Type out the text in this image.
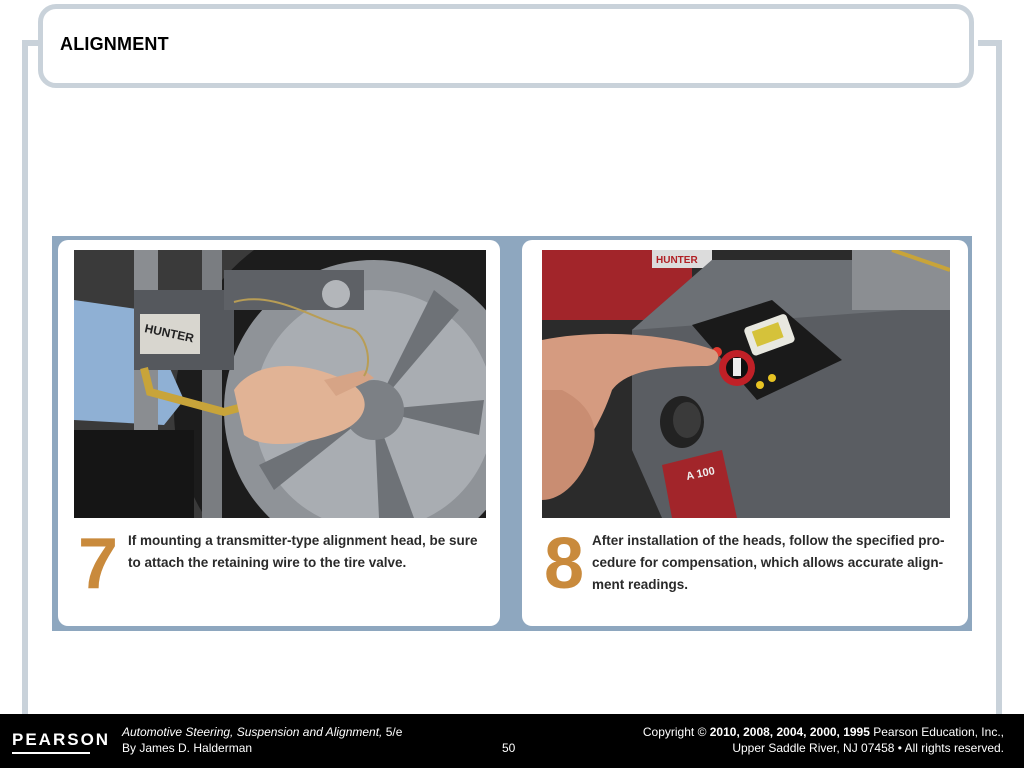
ALIGNMENT
HUNTER
7 If mounting a transmitter-type alignment head, be sure
to attach the retaining wire to the tire valve.
HUNTER
A 100
8 After installation of the heads, follow the specified pro-
cedure for compensation, which allows accurate align-
ment readings.
PEARSON Automotive Steering, Suspension and Alignment, 5/e
By James D. Halderman	50
Copyright © 2010, 2008, 2004, 2000, 1995 Pearson Education, Inc.,
Upper Saddle River, NJ 07458 • All rights reserved.
